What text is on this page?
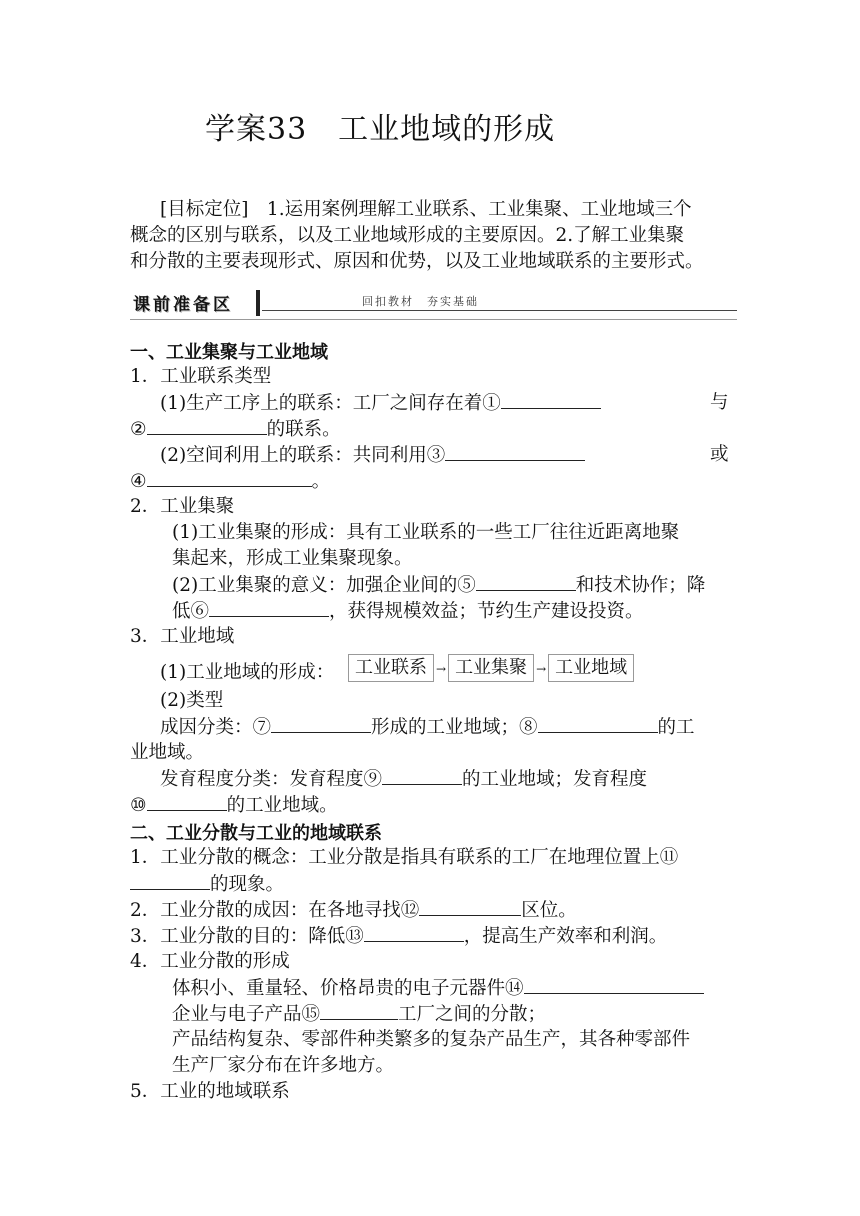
学案33　工业地域的形成
[目标定位]　1.运用案例理解工业联系、工业集聚、工业地域三个
概念的区别与联系，以及工业地域形成的主要原因。2.了解工业集聚
和分散的主要表现形式、原因和优势，以及工业地域联系的主要形式。
课前准备区	回扣教材　夯实基础
一、工业集聚与工业地域
1．工业联系类型
(1)生产工序上的联系：工厂之间存在着①	与
②	的联系。
(2)空间利用上的联系：共同利用③	或
④	。
2．工业集聚
(1)工业集聚的形成：具有工业联系的一些工厂往往近距离地聚
集起来，形成工业集聚现象。
(2)工业集聚的意义：加强企业间的⑤	和技术协作；降
低⑥	，获得规模效益；节约生产建设投资。
3．工业地域
(1)工业地域的形成：	工业联系 → 工业集聚 → 工业地域
(2)类型
成因分类：⑦	形成的工业地域；⑧	的工
业地域。
发育程度分类：发育程度⑨	的工业地域；发育程度
⑩	的工业地域。
二、工业分散与工业的地域联系
1．工业分散的概念：工业分散是指具有联系的工厂在地理位置上⑪
的现象。
2．工业分散的成因：在各地寻找⑫	区位。
3．工业分散的目的：降低⑬	，提高生产效率和利润。
4．工业分散的形成
体积小、重量轻、价格昂贵的电子元器件⑭
企业与电子产品⑮	工厂之间的分散；
产品结构复杂、零部件种类繁多的复杂产品生产，其各种零部件
生产厂家分布在许多地方。
5．工业的地域联系
